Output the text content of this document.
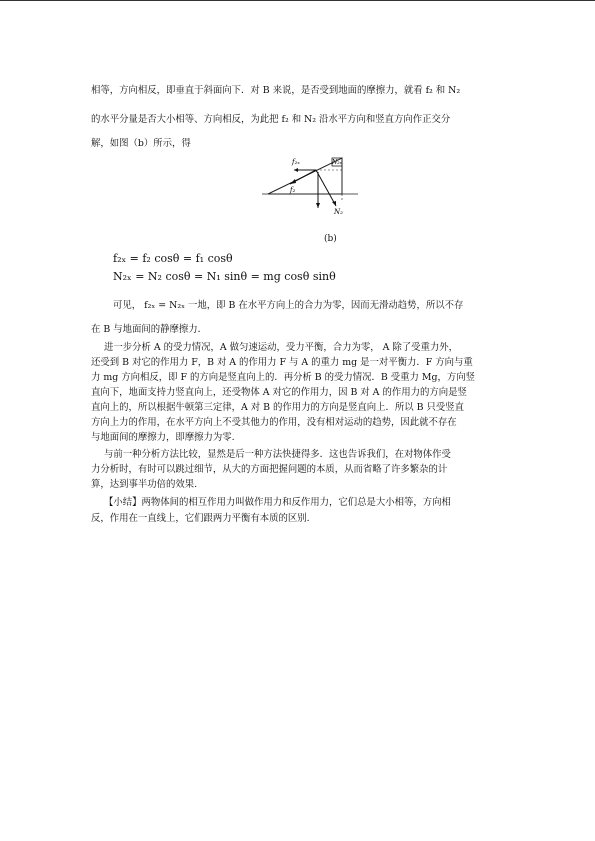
相等，方向相反，即垂直于斜面向下．对 B 来说，是否受到地面的摩擦力，就看 f₂ 和 N₂
的水平分量是否大小相等、方向相反，为此把 f₂ 和 N₂ 沿水平方向和竖直方向作正交分
解，如图（b）所示，得
f₂ₓ
f₂
N₂
N₂ₓ
(b)
f₂ₓ = f₂ cosθ = f₁ cosθ
N₂ₓ = N₂ cosθ = N₁ sinθ = mg cosθ sinθ
可见， f₂ₓ = N₂ₓ 一地，即 B 在水平方向上的合力为零，因而无滑动趋势，所以不存
在 B 与地面间的静摩擦力．
进一步分析 A 的受力情况，A 做匀速运动，受力平衡，合力为零， A 除了受重力外，
还受到 B 对它的作用力 F，B 对 A 的作用力 F 与 A 的重力 mg 是一对平衡力．F 方向与重
力 mg 方向相反，即 F 的方向是竖直向上的．再分析 B 的受力情况．B 受重力 Mg，方向竖
直向下，地面支持力竖直向上，还受物体 A 对它的作用力，因 B 对 A 的作用力的方向是竖
直向上的，所以根据牛顿第三定律，A 对 B 的作用力的方向是竖直向上．所以 B 只受竖直
方向上力的作用，在水平方向上不受其他力的作用，没有相对运动的趋势，因此就不存在
与地面间的摩擦力，即摩擦力为零.
与前一种分析方法比较，显然是后一种方法快捷得多．这也告诉我们，在对物体作受
力分析时，有时可以跳过细节，从大的方面把握问题的本质，从而省略了许多繁杂的计
算，达到事半功倍的效果.
【小结】两物体间的相互作用力叫做作用力和反作用力，它们总是大小相等，方向相
反，作用在一直线上，它们跟两力平衡有本质的区别.
